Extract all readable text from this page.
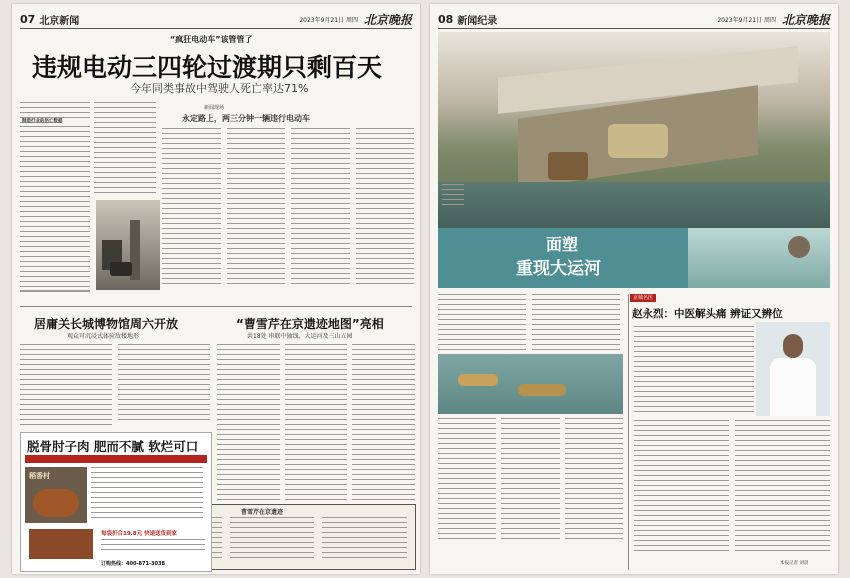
07 北京新闻	2023年9月21日 周四 北京晚报
“疯狂电动车”该管管了
违规电动三四轮过渡期只剩百天
今年同类事故中驾驶人死亡率达71%
制造行业的伤亡数据
新闻现场
永定路上，两三分钟一辆违行电动车
居庸关长城博物馆周六开放
观众可沉浸式体验敌楼地形
“曹雪芹在京遗迹地图”亮相
共18处 串联中轴线、大运河及三山五园
曹雪芹在京遗迹
脱骨肘子肉 肥而不腻 软烂可口
稻香村
每袋折合19.8元 快递送货到家
订购热线：400-871-3038
08 新闻纪录	2023年9月21日 周四 北京晚报
面塑
重现大运河
京城名医
赵永烈：中医解头痛 辨证又辨位
本报记者 刘晨
